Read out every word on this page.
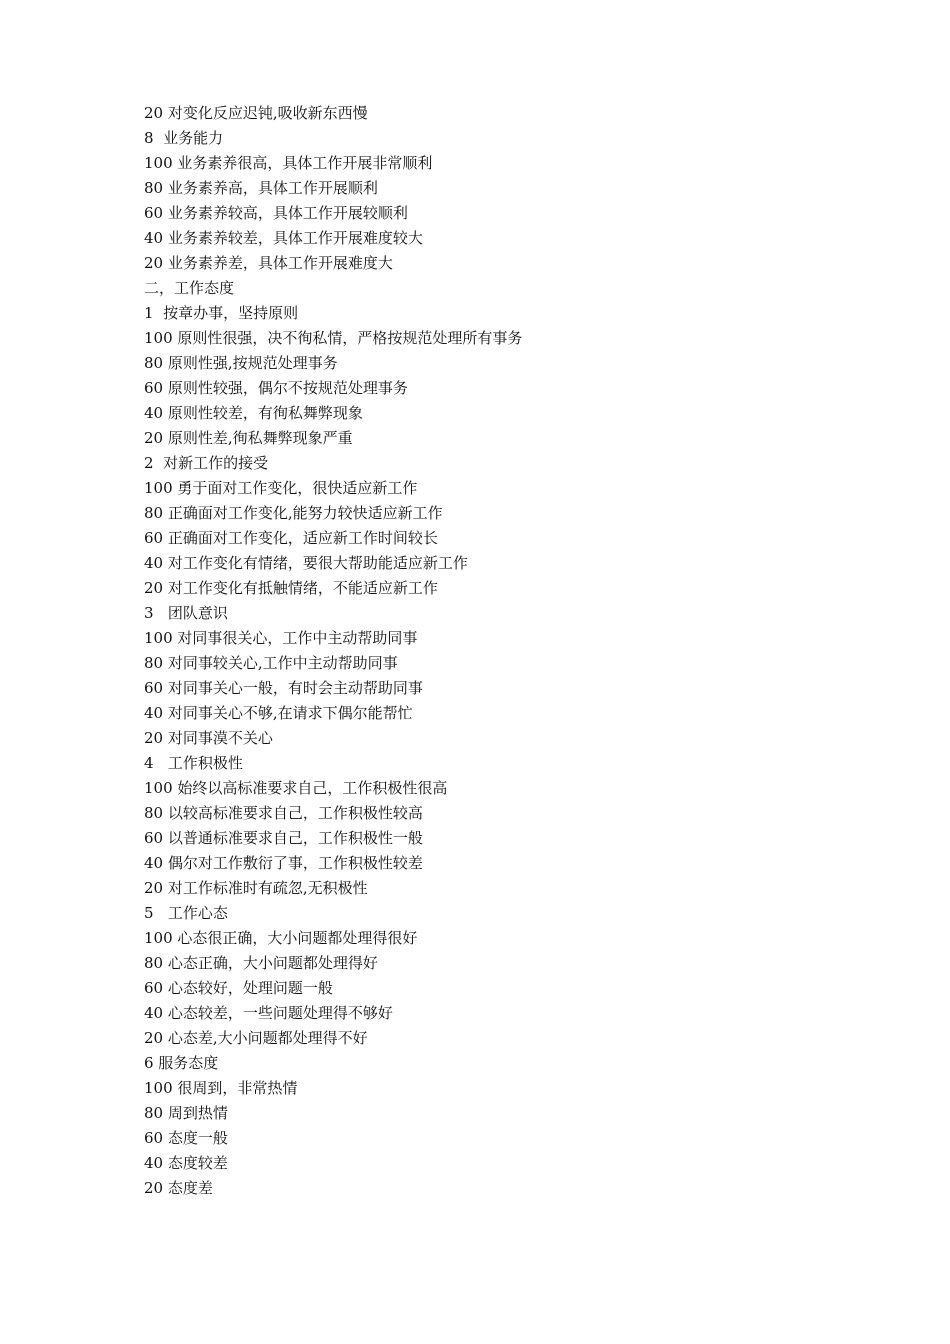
20 对变化反应迟钝,吸收新东西慢
8  业务能力
100 业务素养很高，具体工作开展非常顺利
80 业务素养高，具体工作开展顺利
60 业务素养较高，具体工作开展较顺利
40 业务素养较差，具体工作开展难度较大
20 业务素养差，具体工作开展难度大
二，工作态度
1  按章办事，坚持原则
100 原则性很强，决不徇私情，严格按规范处理所有事务
80 原则性强,按规范处理事务
60 原则性较强，偶尔不按规范处理事务
40 原则性较差，有徇私舞弊现象
20 原则性差,徇私舞弊现象严重
2  对新工作的接受
100 勇于面对工作变化，很快适应新工作
80 正确面对工作变化,能努力较快适应新工作
60 正确面对工作变化，适应新工作时间较长
40 对工作变化有情绪，要很大帮助能适应新工作
20 对工作变化有抵触情绪，不能适应新工作
3   团队意识
100 对同事很关心，工作中主动帮助同事
80 对同事较关心,工作中主动帮助同事
60 对同事关心一般，有时会主动帮助同事
40 对同事关心不够,在请求下偶尔能帮忙
20 对同事漠不关心
4   工作积极性
100 始终以高标准要求自己，工作积极性很高
80 以较高标准要求自己，工作积极性较高
60 以普通标准要求自己，工作积极性一般
40 偶尔对工作敷衍了事，工作积极性较差
20 对工作标准时有疏忽,无积极性
5   工作心态
100 心态很正确，大小问题都处理得很好
80 心态正确，大小问题都处理得好
60 心态较好，处理问题一般
40 心态较差，一些问题处理得不够好
20 心态差,大小问题都处理得不好
6 服务态度
100 很周到，非常热情
80 周到热情
60 态度一般
40 态度较差
20 态度差
